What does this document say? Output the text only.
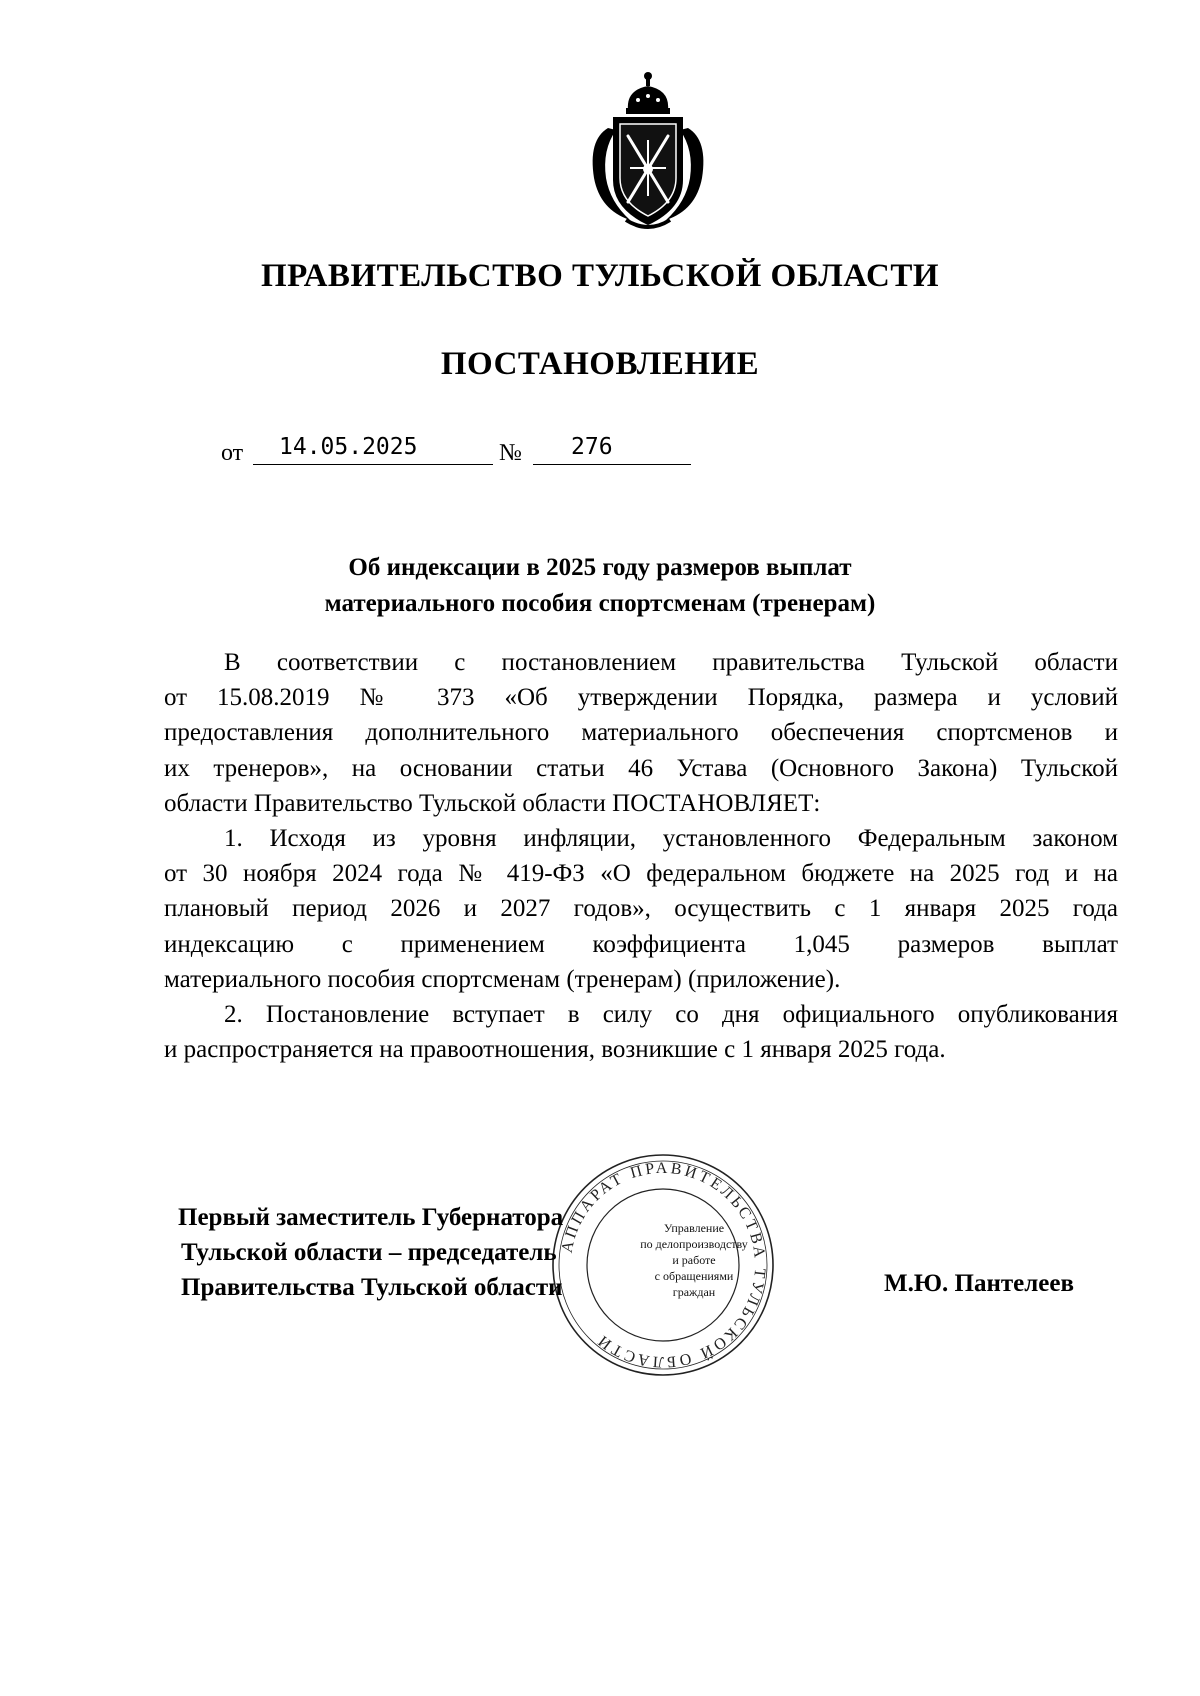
ПРАВИТЕЛЬСТВО ТУЛЬСКОЙ ОБЛАСТИ
ПОСТАНОВЛЕНИЕ
от 14.05.2025	№ 276
Об индексации в 2025 году размеров выплат
материального пособия спортсменам (тренерам)

В соответствии с постановлением правительства Тульской области
от 15.08.2019 № 373 «Об утверждении Порядка, размера и условий
предоставления дополнительного материального обеспечения спортсменов и
их тренеров», на основании статьи 46 Устава (Основного Закона) Тульской
области Правительство Тульской области ПОСТАНОВЛЯЕТ:

1. Исходя из уровня инфляции, установленного Федеральным законом
от 30 ноября 2024 года № 419-ФЗ «О федеральном бюджете на 2025 год и на
плановый период 2026 и 2027 годов», осуществить с 1 января 2025 года
индексацию с применением коэффициента 1,045 размеров выплат
материального пособия спортсменам (тренерам) (приложение).

2. Постановление вступает в силу со дня официального опубликования
и распространяется на правоотношения, возникшие с 1 января 2025 года.

АППАРАТ ПРАВИТЕЛЬСТВА ТУЛЬСКОЙ ОБЛАСТИ
Управление
по делопроизводству
и работе
с обращениями
граждан
Первый заместитель Губернатора
Тульской области – председатель
Правительства Тульской области	М.Ю. Пантелеев
